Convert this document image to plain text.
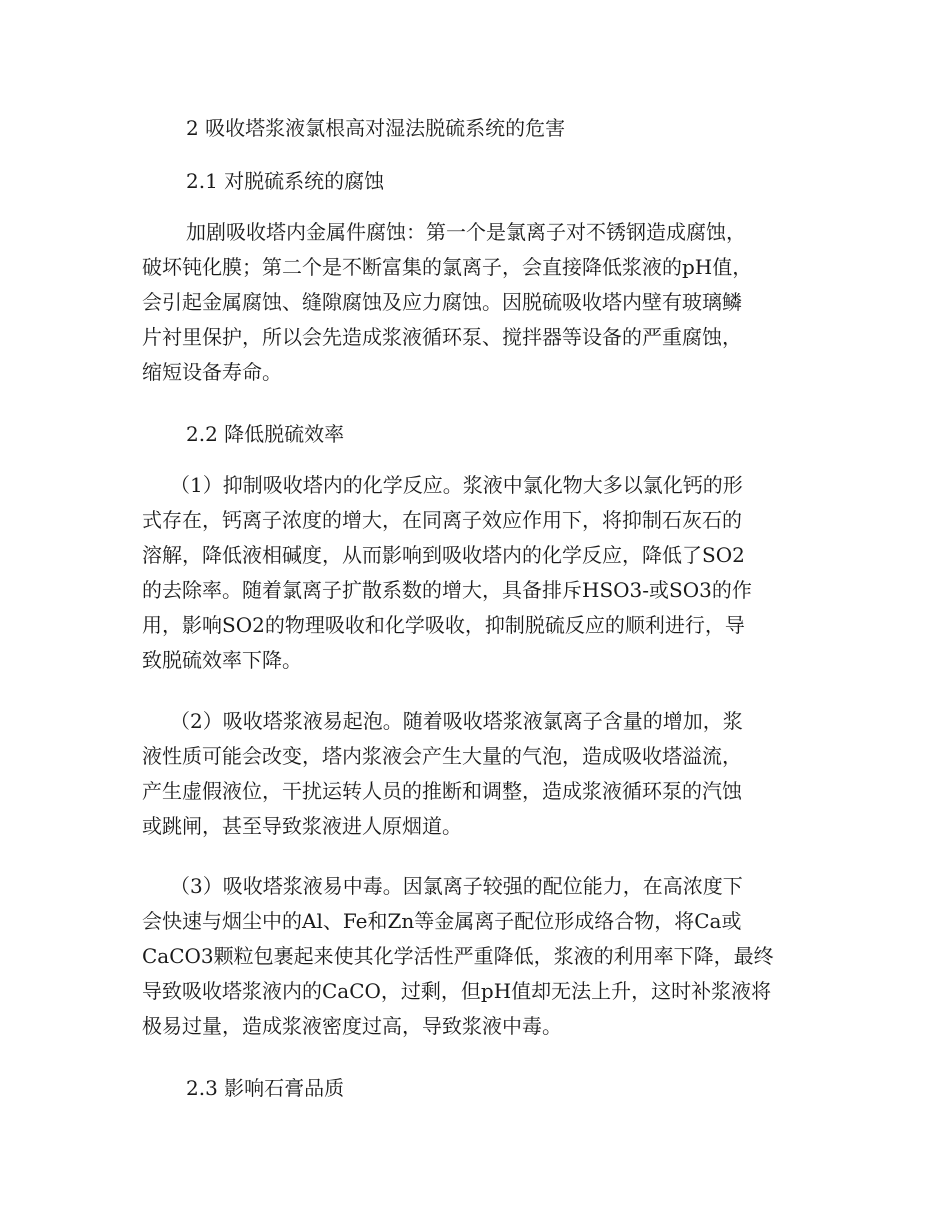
2 吸收塔浆液氯根高对湿法脱硫系统的危害
2.1 对脱硫系统的腐蚀
加剧吸收塔内金属件腐蚀：第一个是氯离子对不锈钢造成腐蚀，
破坏钝化膜；第二个是不断富集的氯离子，会直接降低浆液的pH值，
会引起金属腐蚀、缝隙腐蚀及应力腐蚀。因脱硫吸收塔内壁有玻璃鳞
片衬里保护，所以会先造成浆液循环泵、搅拌器等设备的严重腐蚀，
缩短设备寿命。
2.2 降低脱硫效率
（1）抑制吸收塔内的化学反应。浆液中氯化物大多以氯化钙的形
式存在，钙离子浓度的增大，在同离子效应作用下，将抑制石灰石的
溶解，降低液相碱度，从而影响到吸收塔内的化学反应，降低了SO2
的去除率。随着氯离子扩散系数的增大，具备排斥HSO3-或SO3的作
用，影响SO2的物理吸收和化学吸收，抑制脱硫反应的顺利进行，导
致脱硫效率下降。
（2）吸收塔浆液易起泡。随着吸收塔浆液氯离子含量的增加，浆
液性质可能会改变，塔内浆液会产生大量的气泡，造成吸收塔溢流，
产生虚假液位，干扰运转人员的推断和调整，造成浆液循环泵的汽蚀
或跳闸，甚至导致浆液进人原烟道。
（3）吸收塔浆液易中毒。因氯离子较强的配位能力，在高浓度下
会快速与烟尘中的Al、Fe和Zn等金属离子配位形成络合物，将Ca或
CaCO3颗粒包裹起来使其化学活性严重降低，浆液的利用率下降，最终
导致吸收塔浆液内的CaCO，过剩，但pH值却无法上升，这时补浆液将
极易过量，造成浆液密度过高，导致浆液中毒。
2.3 影响石膏品质
